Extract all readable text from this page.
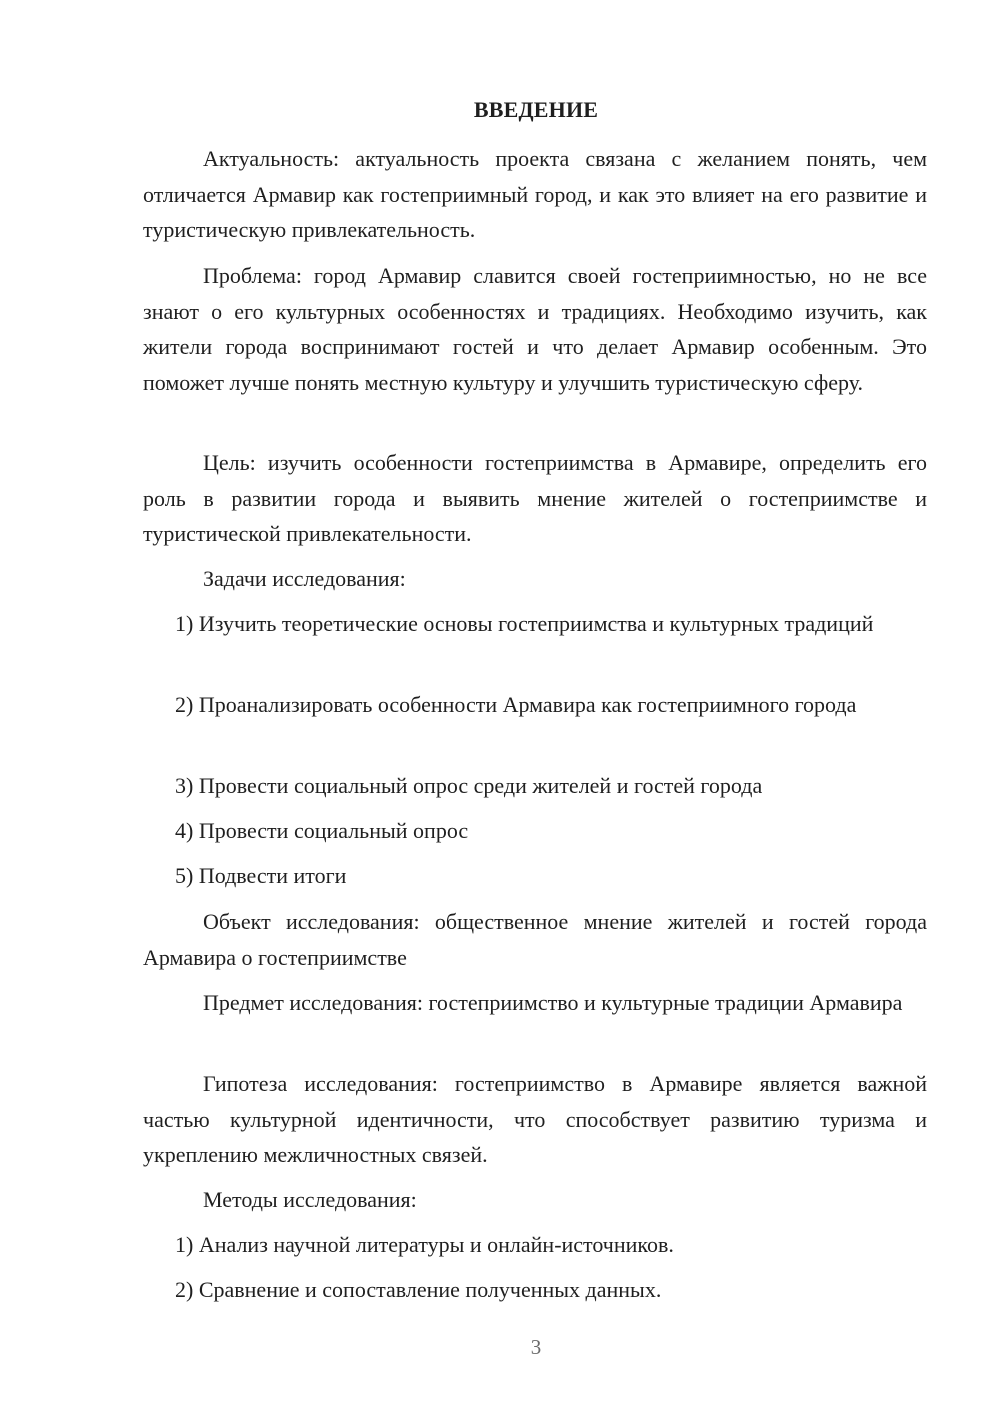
ВВЕДЕНИЕ

Актуальность: актуальность проекта связана с желанием понять, чем отличается Армавир как гостеприимный город, и как это влияет на его развитие и туристическую привлекательность.

Проблема: город Армавир славится своей гостеприимностью, но не все знают о его культурных особенностях и традициях. Необходимо изучить, как жители города воспринимают гостей и что делает Армавир особенным. Это поможет лучше понять местную культуру и улучшить туристическую сферу.

Цель: изучить особенности гостеприимства в Армавире, определить его роль в развитии города и выявить мнение жителей о гостеприимстве и туристической привлекательности.

Задачи исследования:

1) Изучить теоретические основы гостеприимства и культурных традиций

2) Проанализировать особенности Армавира как гостеприимного города

3) Провести социальный опрос среди жителей и гостей города

4) Провести социальный опрос

5) Подвести итоги

Объект исследования: общественное мнение жителей и гостей города Армавира о гостеприимстве

Предмет исследования: гостеприимство и культурные традиции Армавира

Гипотеза исследования: гостеприимство в Армавире является важной частью культурной идентичности, что способствует развитию туризма и укреплению межличностных связей.

Методы исследования:

1) Анализ научной литературы и онлайн-источников.

2) Сравнение и сопоставление полученных данных.

3
